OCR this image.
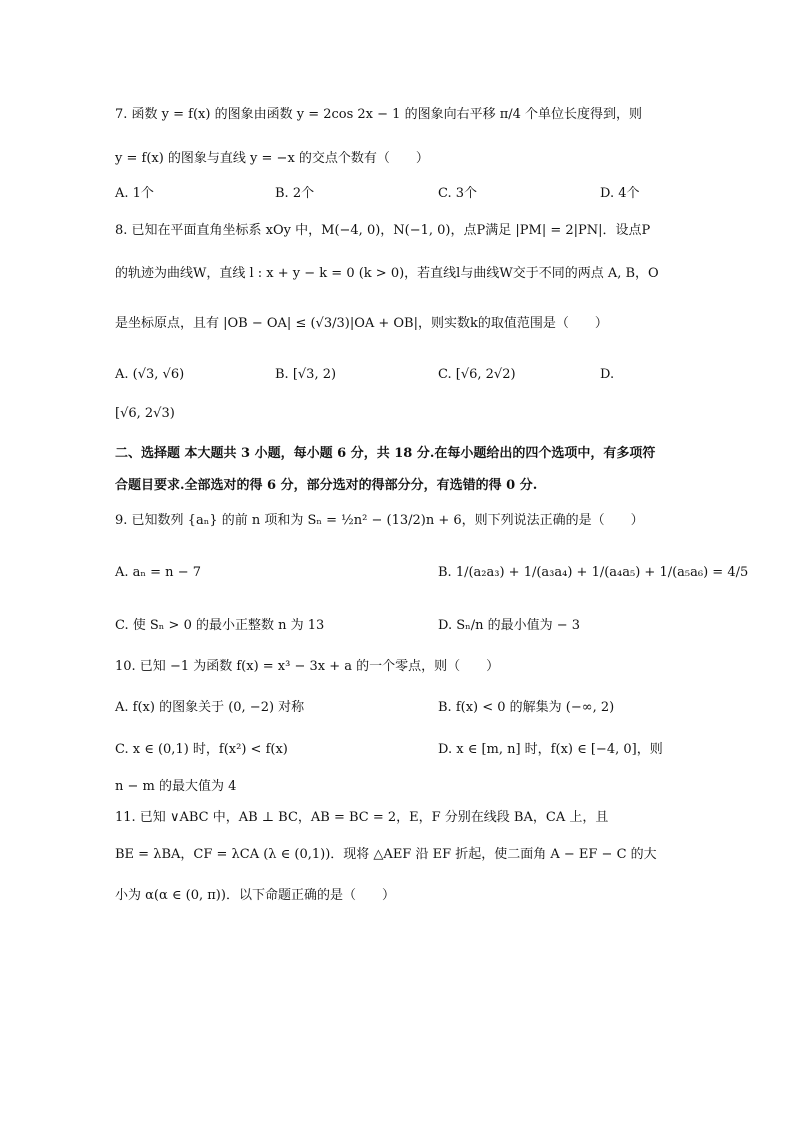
7. 函数 y = f(x) 的图象由函数 y = 2cos 2x − 1 的图象向右平移 π/4 个单位长度得到，则
y = f(x) 的图象与直线 y = −x 的交点个数有（　　）
A. 1个	B. 2个	C. 3个	D. 4个
8. 已知在平面直角坐标系 xOy 中，M(−4, 0)，N(−1, 0)，点P满足 |PM| = 2|PN|．设点P
的轨迹为曲线W，直线 l : x + y − k = 0 (k > 0)，若直线l与曲线W交于不同的两点 A, B，O
是坐标原点，且有 |OB − OA| ≤ (√3/3)|OA + OB|，则实数k的取值范围是（　　）
A. (√3, √6)	B. [√3, 2)	C. [√6, 2√2)	D.
[√6, 2√3)
二、选择题 本大题共 3 小题，每小题 6 分，共 18 分.在每小题给出的四个选项中，有多项符
合题目要求.全部选对的得 6 分，部分选对的得部分分，有选错的得 0 分.
9. 已知数列 {aₙ} 的前 n 项和为 Sₙ = ½n² − (13/2)n + 6，则下列说法正确的是（　　）
A. aₙ = n − 7	B. 1/(a₂a₃) + 1/(a₃a₄) + 1/(a₄a₅) + 1/(a₅a₆) = 4/5
C. 使 Sₙ > 0 的最小正整数 n 为 13	D. Sₙ/n 的最小值为 − 3
10. 已知 −1 为函数 f(x) = x³ − 3x + a 的一个零点，则（　　）
A. f(x) 的图象关于 (0, −2) 对称	B. f(x) < 0 的解集为 (−∞, 2)
C. x ∈ (0,1) 时，f(x²) < f(x)	D. x ∈ [m, n] 时，f(x) ∈ [−4, 0]，则
n − m 的最大值为 4
11. 已知 ∨ABC 中，AB ⊥ BC，AB = BC = 2，E，F 分别在线段 BA，CA 上，且
BE = λBA，CF = λCA (λ ∈ (0,1))．现将 △AEF 沿 EF 折起，使二面角 A − EF − C 的大
小为 α(α ∈ (0, π))．以下命题正确的是（　　）
